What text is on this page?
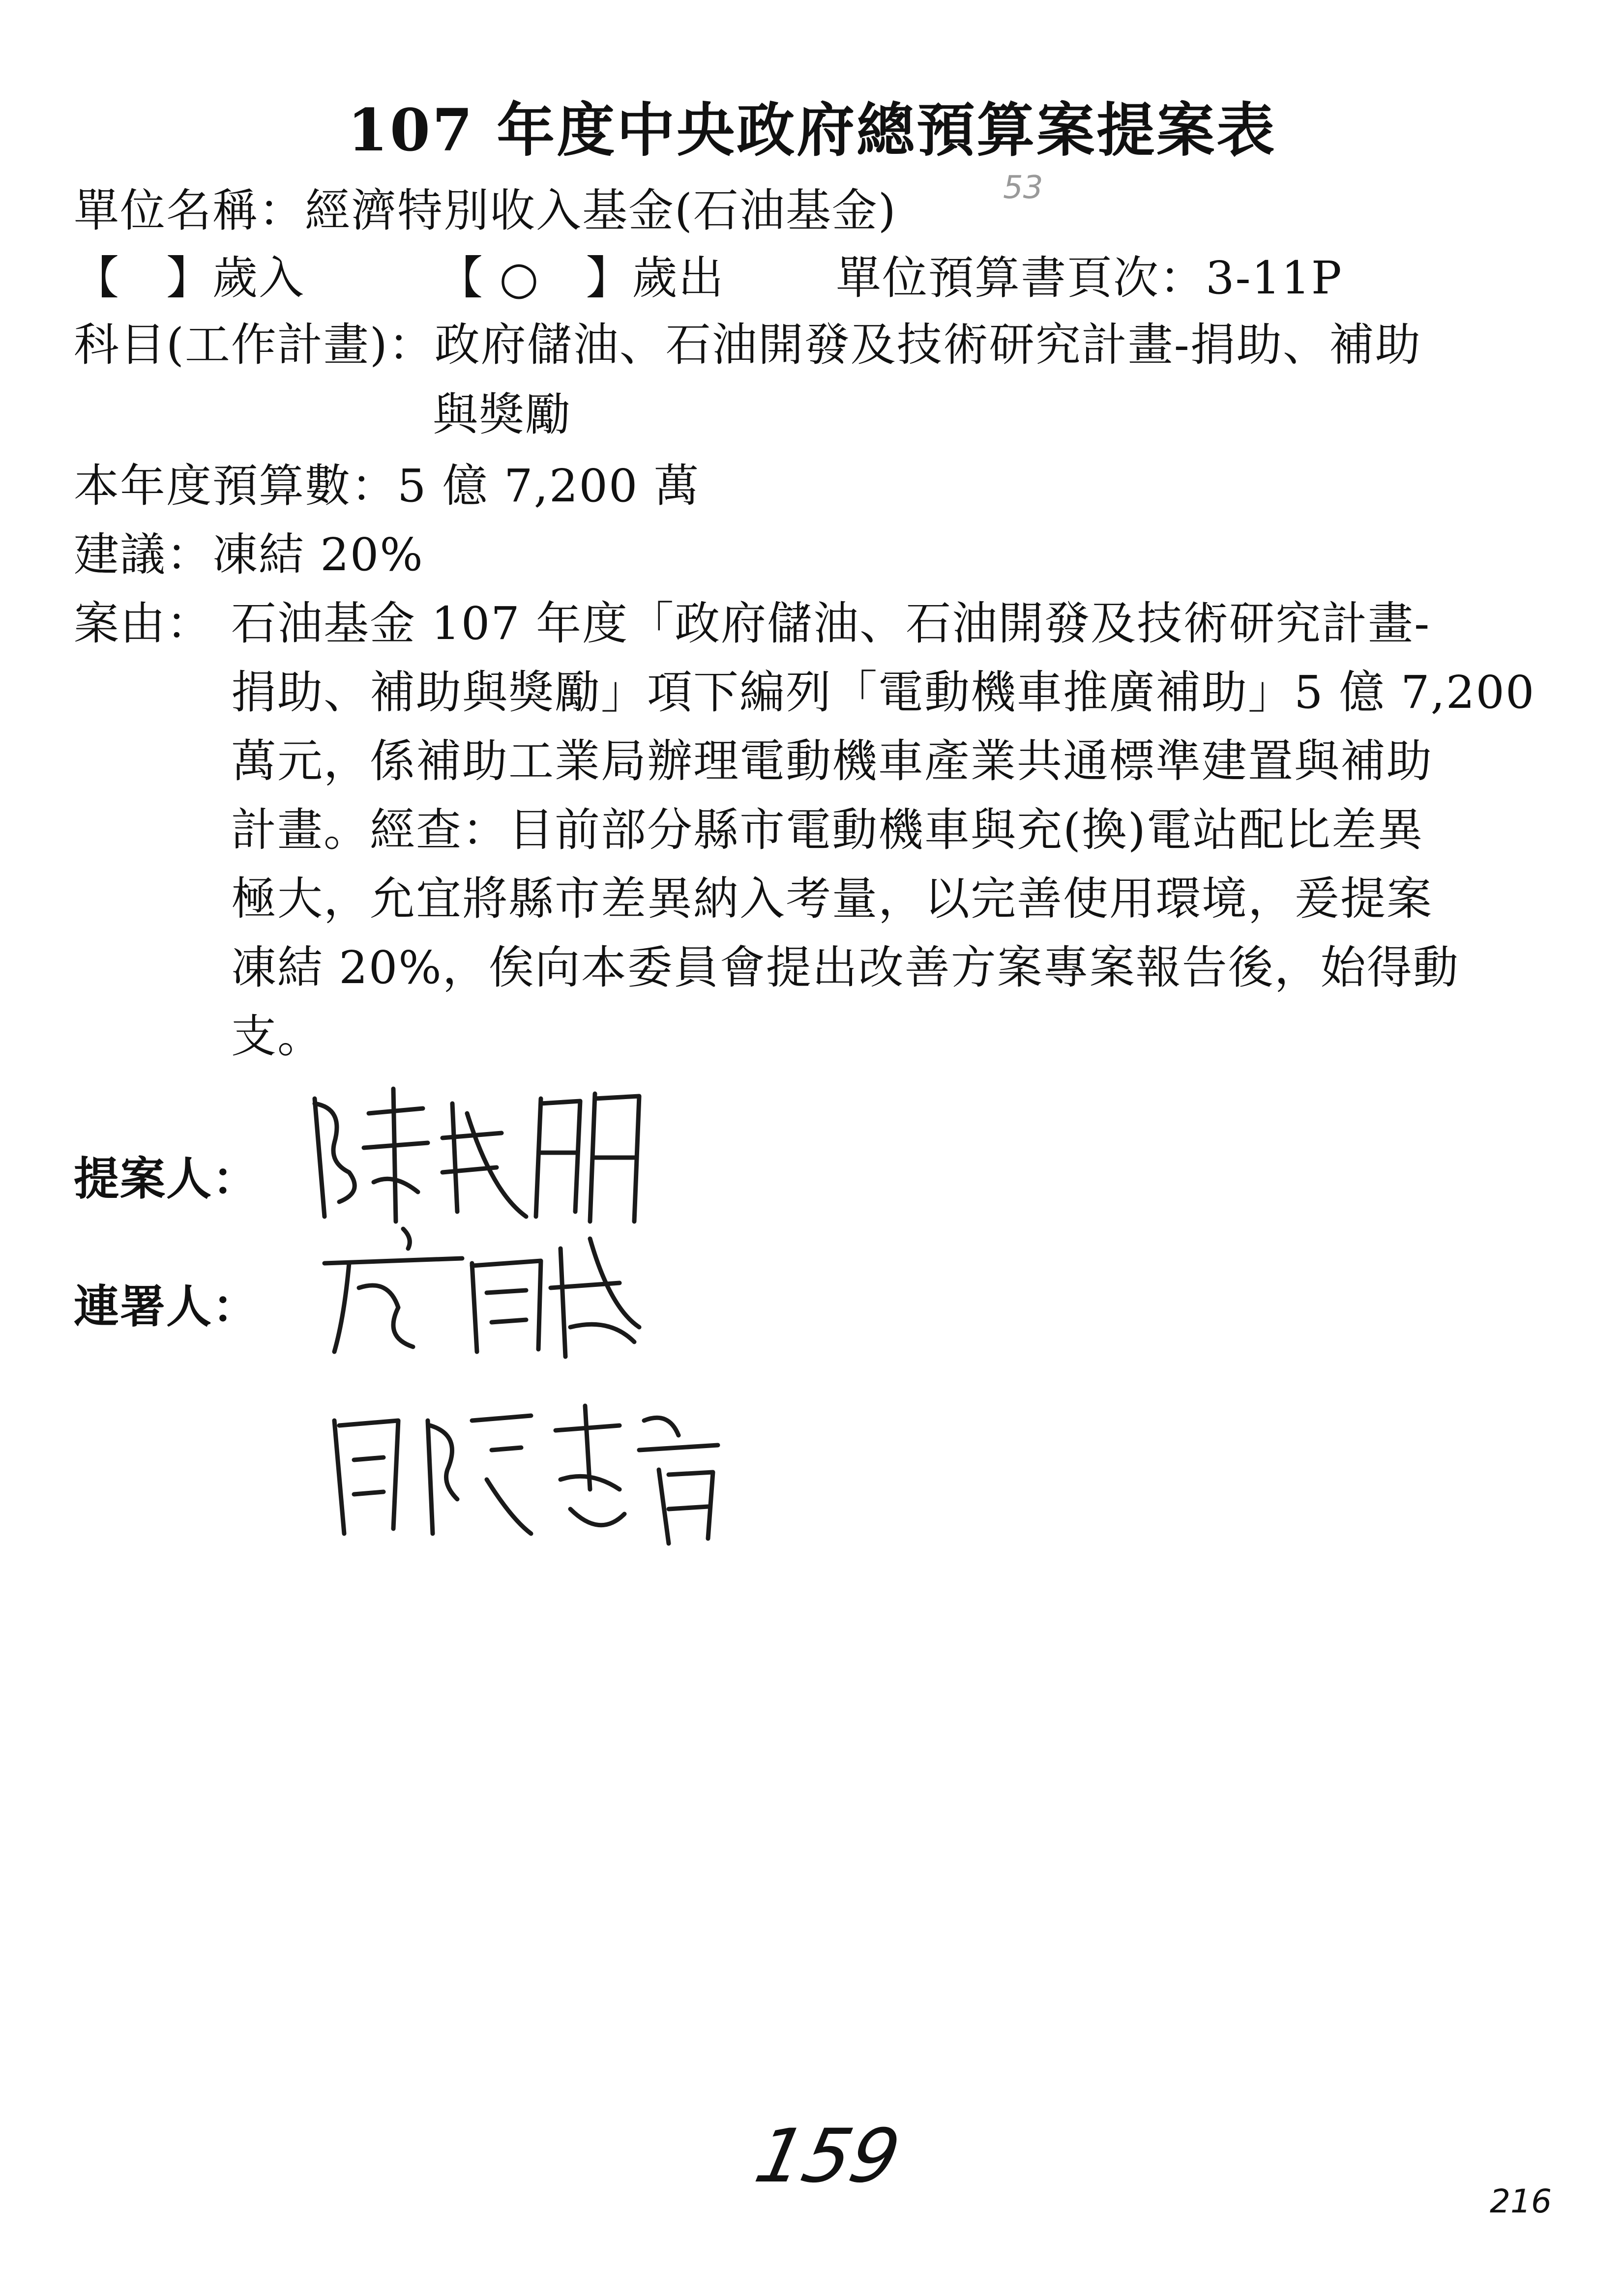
107 年度中央政府總預算案提案表
單位名稱：經濟特別收入基金(石油基金)	53
【　】歲入	【 ○　】歲出 單位預算書頁次：3-11P
科目(工作計畫)：政府儲油、石油開發及技術研究計畫-捐助、補助
與獎勵
本年度預算數：5 億 7,200 萬
建議：凍結 20%
案由： 石油基金 107 年度「政府儲油、石油開發及技術研究計畫-
捐助、補助與獎勵」項下編列「電動機車推廣補助」5 億 7,200
萬元，係補助工業局辦理電動機車產業共通標準建置與補助
計畫。經查：目前部分縣市電動機車與充(換)電站配比差異
極大，允宜將縣市差異納入考量，以完善使用環境，爰提案
凍結 20%，俟向本委員會提出改善方案專案報告後，始得動
支。
提案人：
連署人：
159
216
